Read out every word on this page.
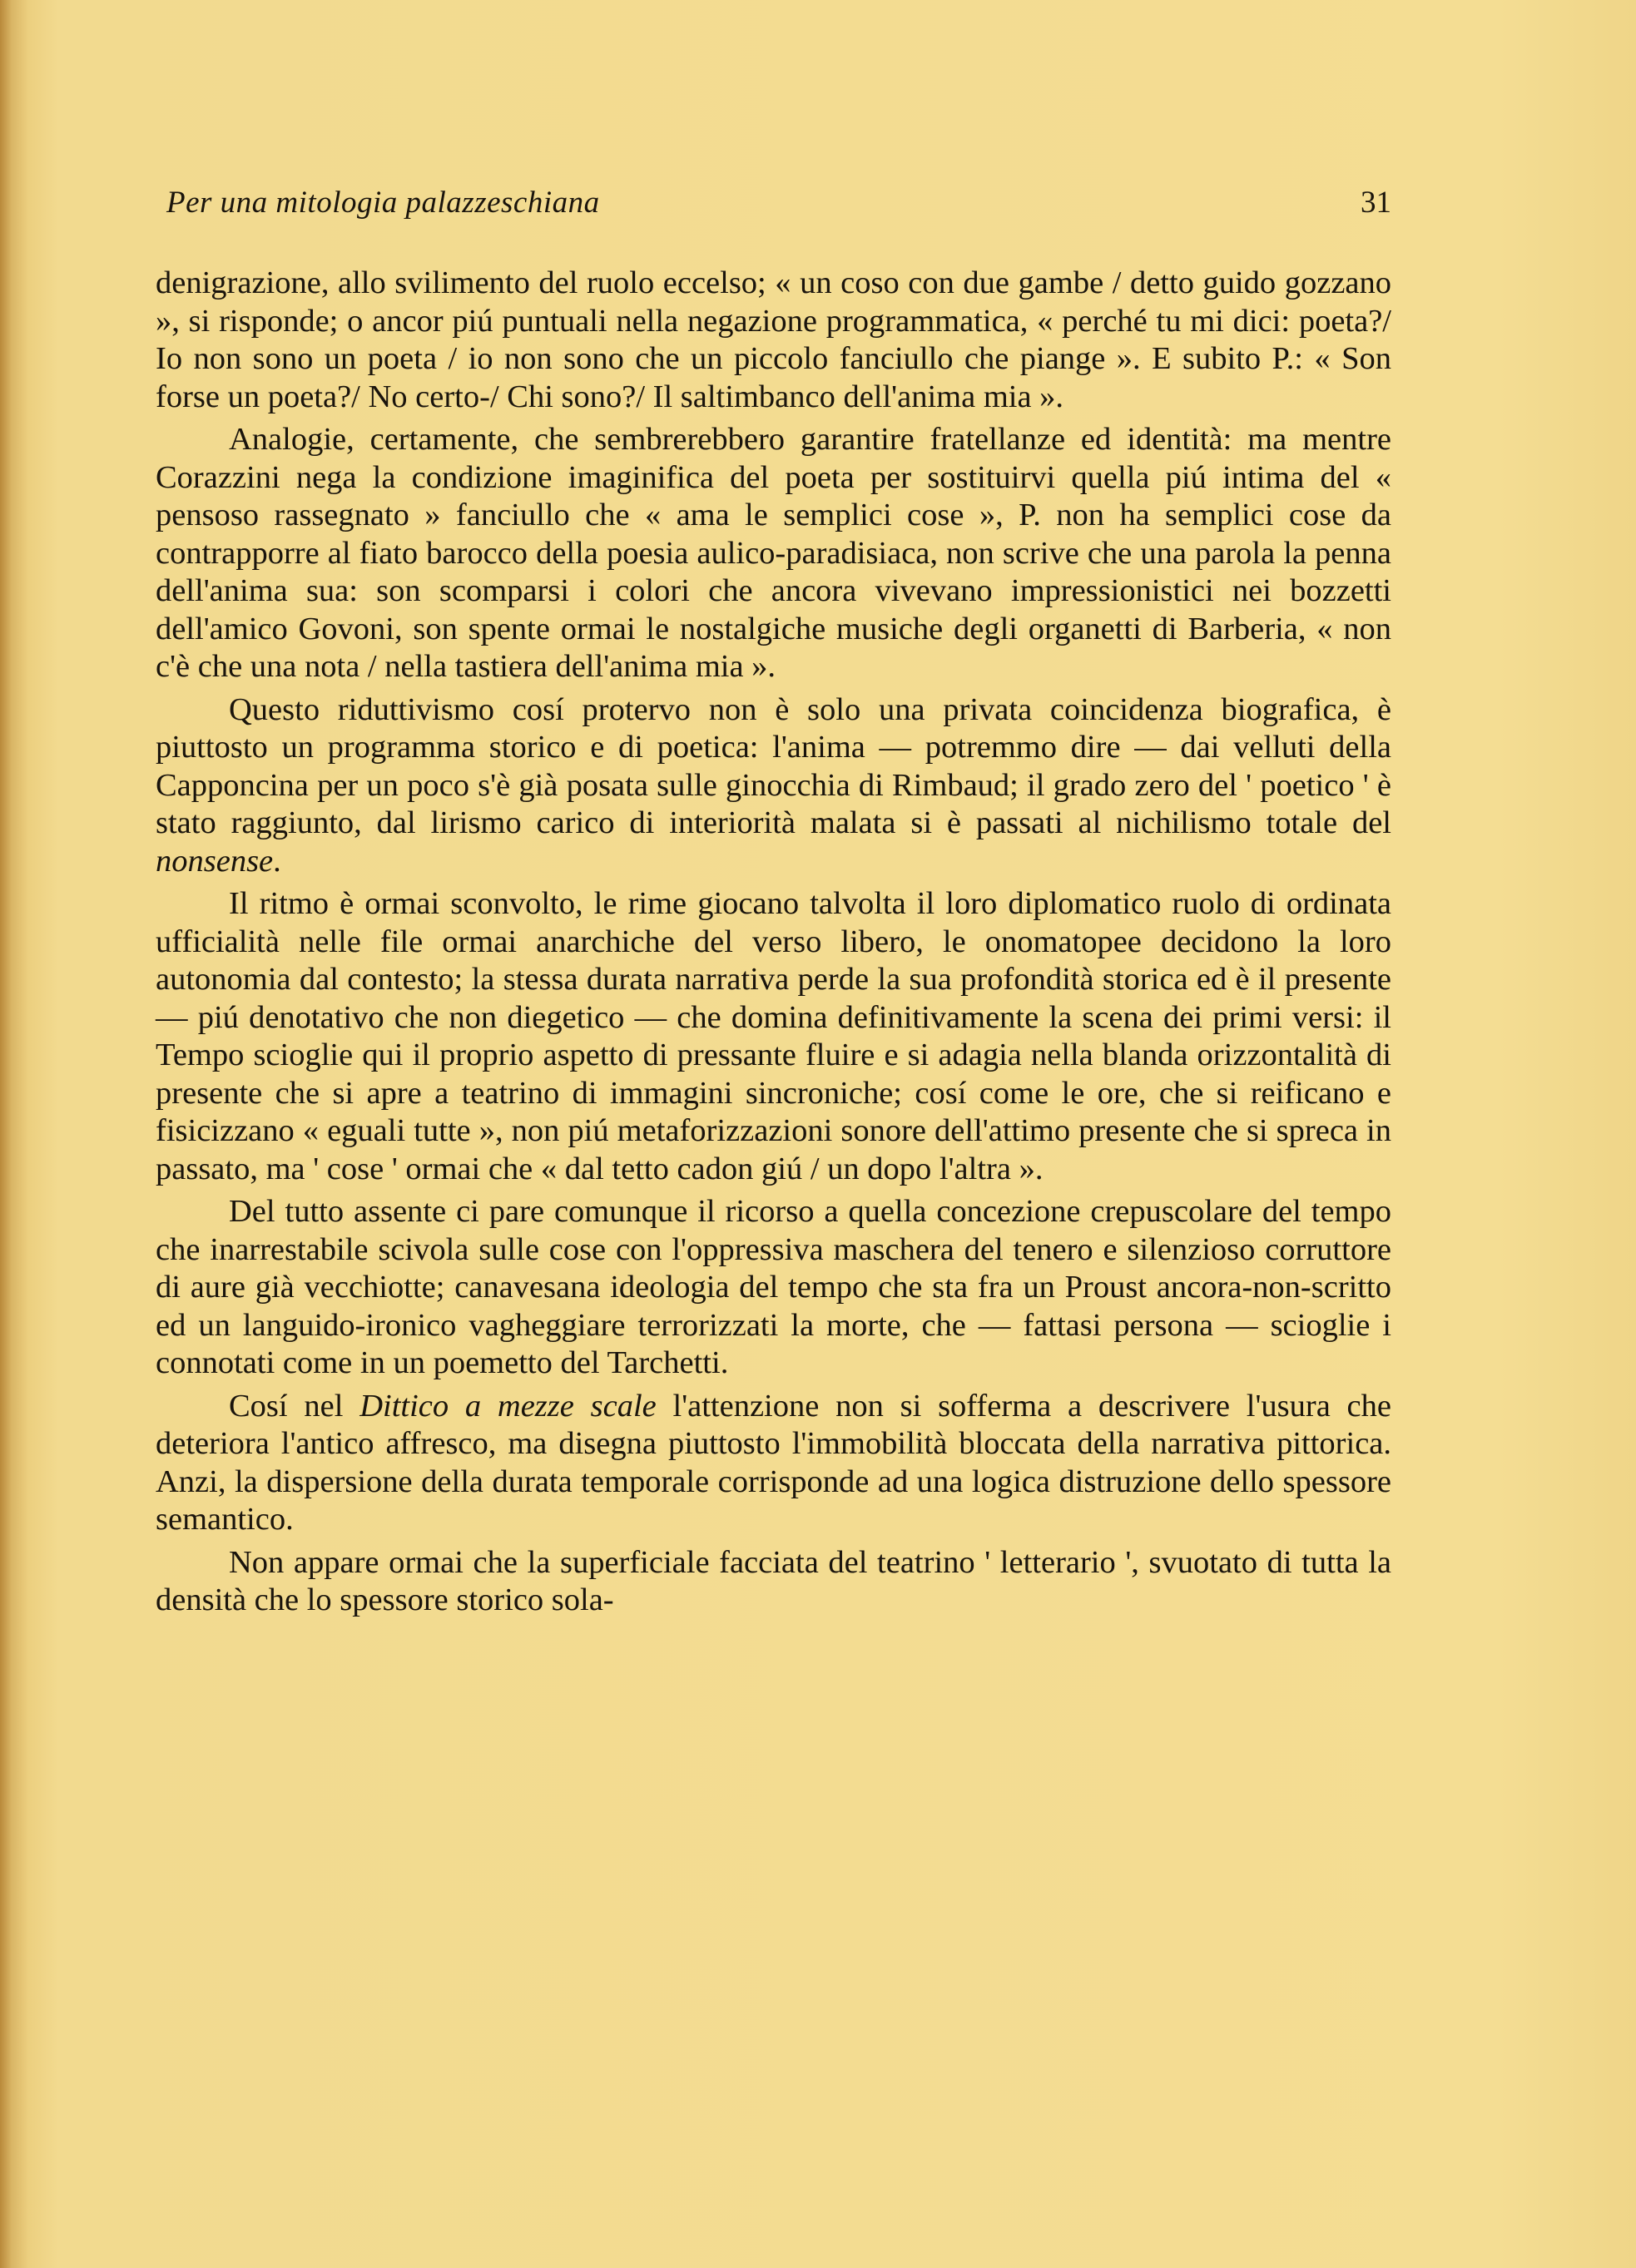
Per una mitologia palazzeschiana	31

denigrazione, allo svilimento del ruolo eccelso; « un coso con due gambe / detto guido gozzano », si risponde; o ancor piú puntuali nella negazione programmatica, « perché tu mi dici: poeta?/ Io non sono un poeta / io non sono che un piccolo fanciullo che piange ». E subito P.: « Son forse un poeta?/ No certo-/ Chi sono?/ Il saltimbanco dell'anima mia ».

Analogie, certamente, che sembrerebbero garantire fratellanze ed identità: ma mentre Corazzini nega la condizione imaginifica del poeta per sostituirvi quella piú intima del « pensoso rassegnato » fanciullo che « ama le semplici cose », P. non ha semplici cose da contrapporre al fiato barocco della poesia aulico-paradisiaca, non scrive che una parola la penna dell'anima sua: son scomparsi i colori che ancora vivevano impressionistici nei bozzetti dell'amico Govoni, son spente ormai le nostalgiche musiche degli organetti di Barberia, « non c'è che una nota / nella tastiera dell'anima mia ».

Questo riduttivismo cosí protervo non è solo una privata coincidenza biografica, è piuttosto un programma storico e di poetica: l'anima — potremmo dire — dai velluti della Capponcina per un poco s'è già posata sulle ginocchia di Rimbaud; il grado zero del ' poetico ' è stato raggiunto, dal lirismo carico di interiorità malata si è passati al nichilismo totale del nonsense.

Il ritmo è ormai sconvolto, le rime giocano talvolta il loro diplomatico ruolo di ordinata ufficialità nelle file ormai anarchiche del verso libero, le onomatopee decidono la loro autonomia dal contesto; la stessa durata narrativa perde la sua profondità storica ed è il presente — piú denotativo che non diegetico — che domina definitivamente la scena dei primi versi: il Tempo scioglie qui il proprio aspetto di pressante fluire e si adagia nella blanda orizzontalità di presente che si apre a teatrino di immagini sincroniche; cosí come le ore, che si reificano e fisicizzano « eguali tutte », non piú metaforizzazioni sonore dell'attimo presente che si spreca in passato, ma ' cose ' ormai che « dal tetto cadon giú / un dopo l'altra ».

Del tutto assente ci pare comunque il ricorso a quella concezione crepuscolare del tempo che inarrestabile scivola sulle cose con l'oppressiva maschera del tenero e silenzioso corruttore di aure già vecchiotte; canavesana ideologia del tempo che sta fra un Proust ancora-non-scritto ed un languido-ironico vagheggiare terrorizzati la morte, che — fattasi persona — scioglie i connotati come in un poemetto del Tarchetti.

Cosí nel Dittico a mezze scale l'attenzione non si sofferma a descrivere l'usura che deteriora l'antico affresco, ma disegna piuttosto l'immobilità bloccata della narrativa pittorica. Anzi, la dispersione della durata temporale corrisponde ad una logica distruzione dello spessore semantico.

Non appare ormai che la superficiale facciata del teatrino ' letterario ', svuotato di tutta la densità che lo spessore storico sola-
